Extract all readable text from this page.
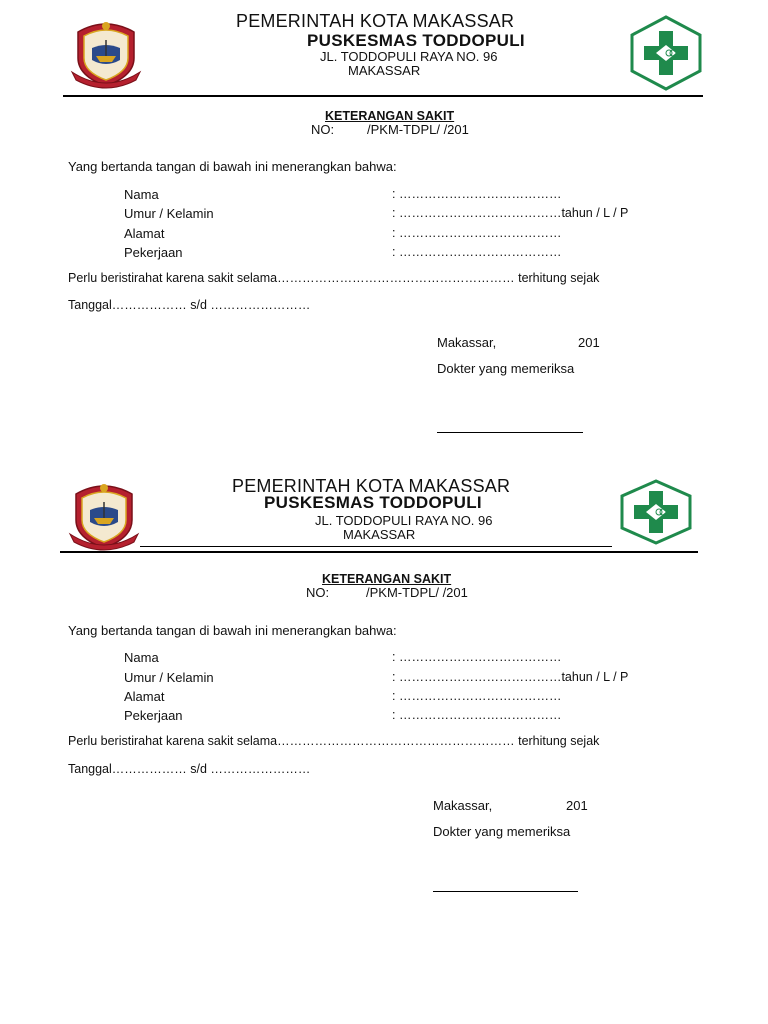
PEMERINTAH KOTA MAKASSAR
PUSKESMAS TODDOPULI
JL. TODDOPULI RAYA NO. 96
MAKASSAR
KETERANGAN SAKIT
NO:	/PKM-TDPL/ /201
Yang bertanda tangan di bawah ini menerangkan bahwa:
Nama	: …………………………………
Umur / Kelamin	: …………………………………tahun / L / P
Alamat	: …………………………………
Pekerjaan	: …………………………………
Perlu beristirahat karena sakit selama………………………………………………… terhitung sejak
Tanggal……………… s/d ……………………
Makassar,	201
Dokter yang memeriksa
PEMERINTAH KOTA MAKASSAR
PUSKESMAS TODDOPULI
JL. TODDOPULI RAYA NO. 96
MAKASSAR
KETERANGAN SAKIT
NO:	/PKM-TDPL/ /201
Yang bertanda tangan di bawah ini menerangkan bahwa:
Nama	: …………………………………
Umur / Kelamin	: …………………………………tahun / L / P
Alamat	: …………………………………
Pekerjaan	: …………………………………
Perlu beristirahat karena sakit selama………………………………………………… terhitung sejak
Tanggal……………… s/d ……………………
Makassar,	201
Dokter yang memeriksa
